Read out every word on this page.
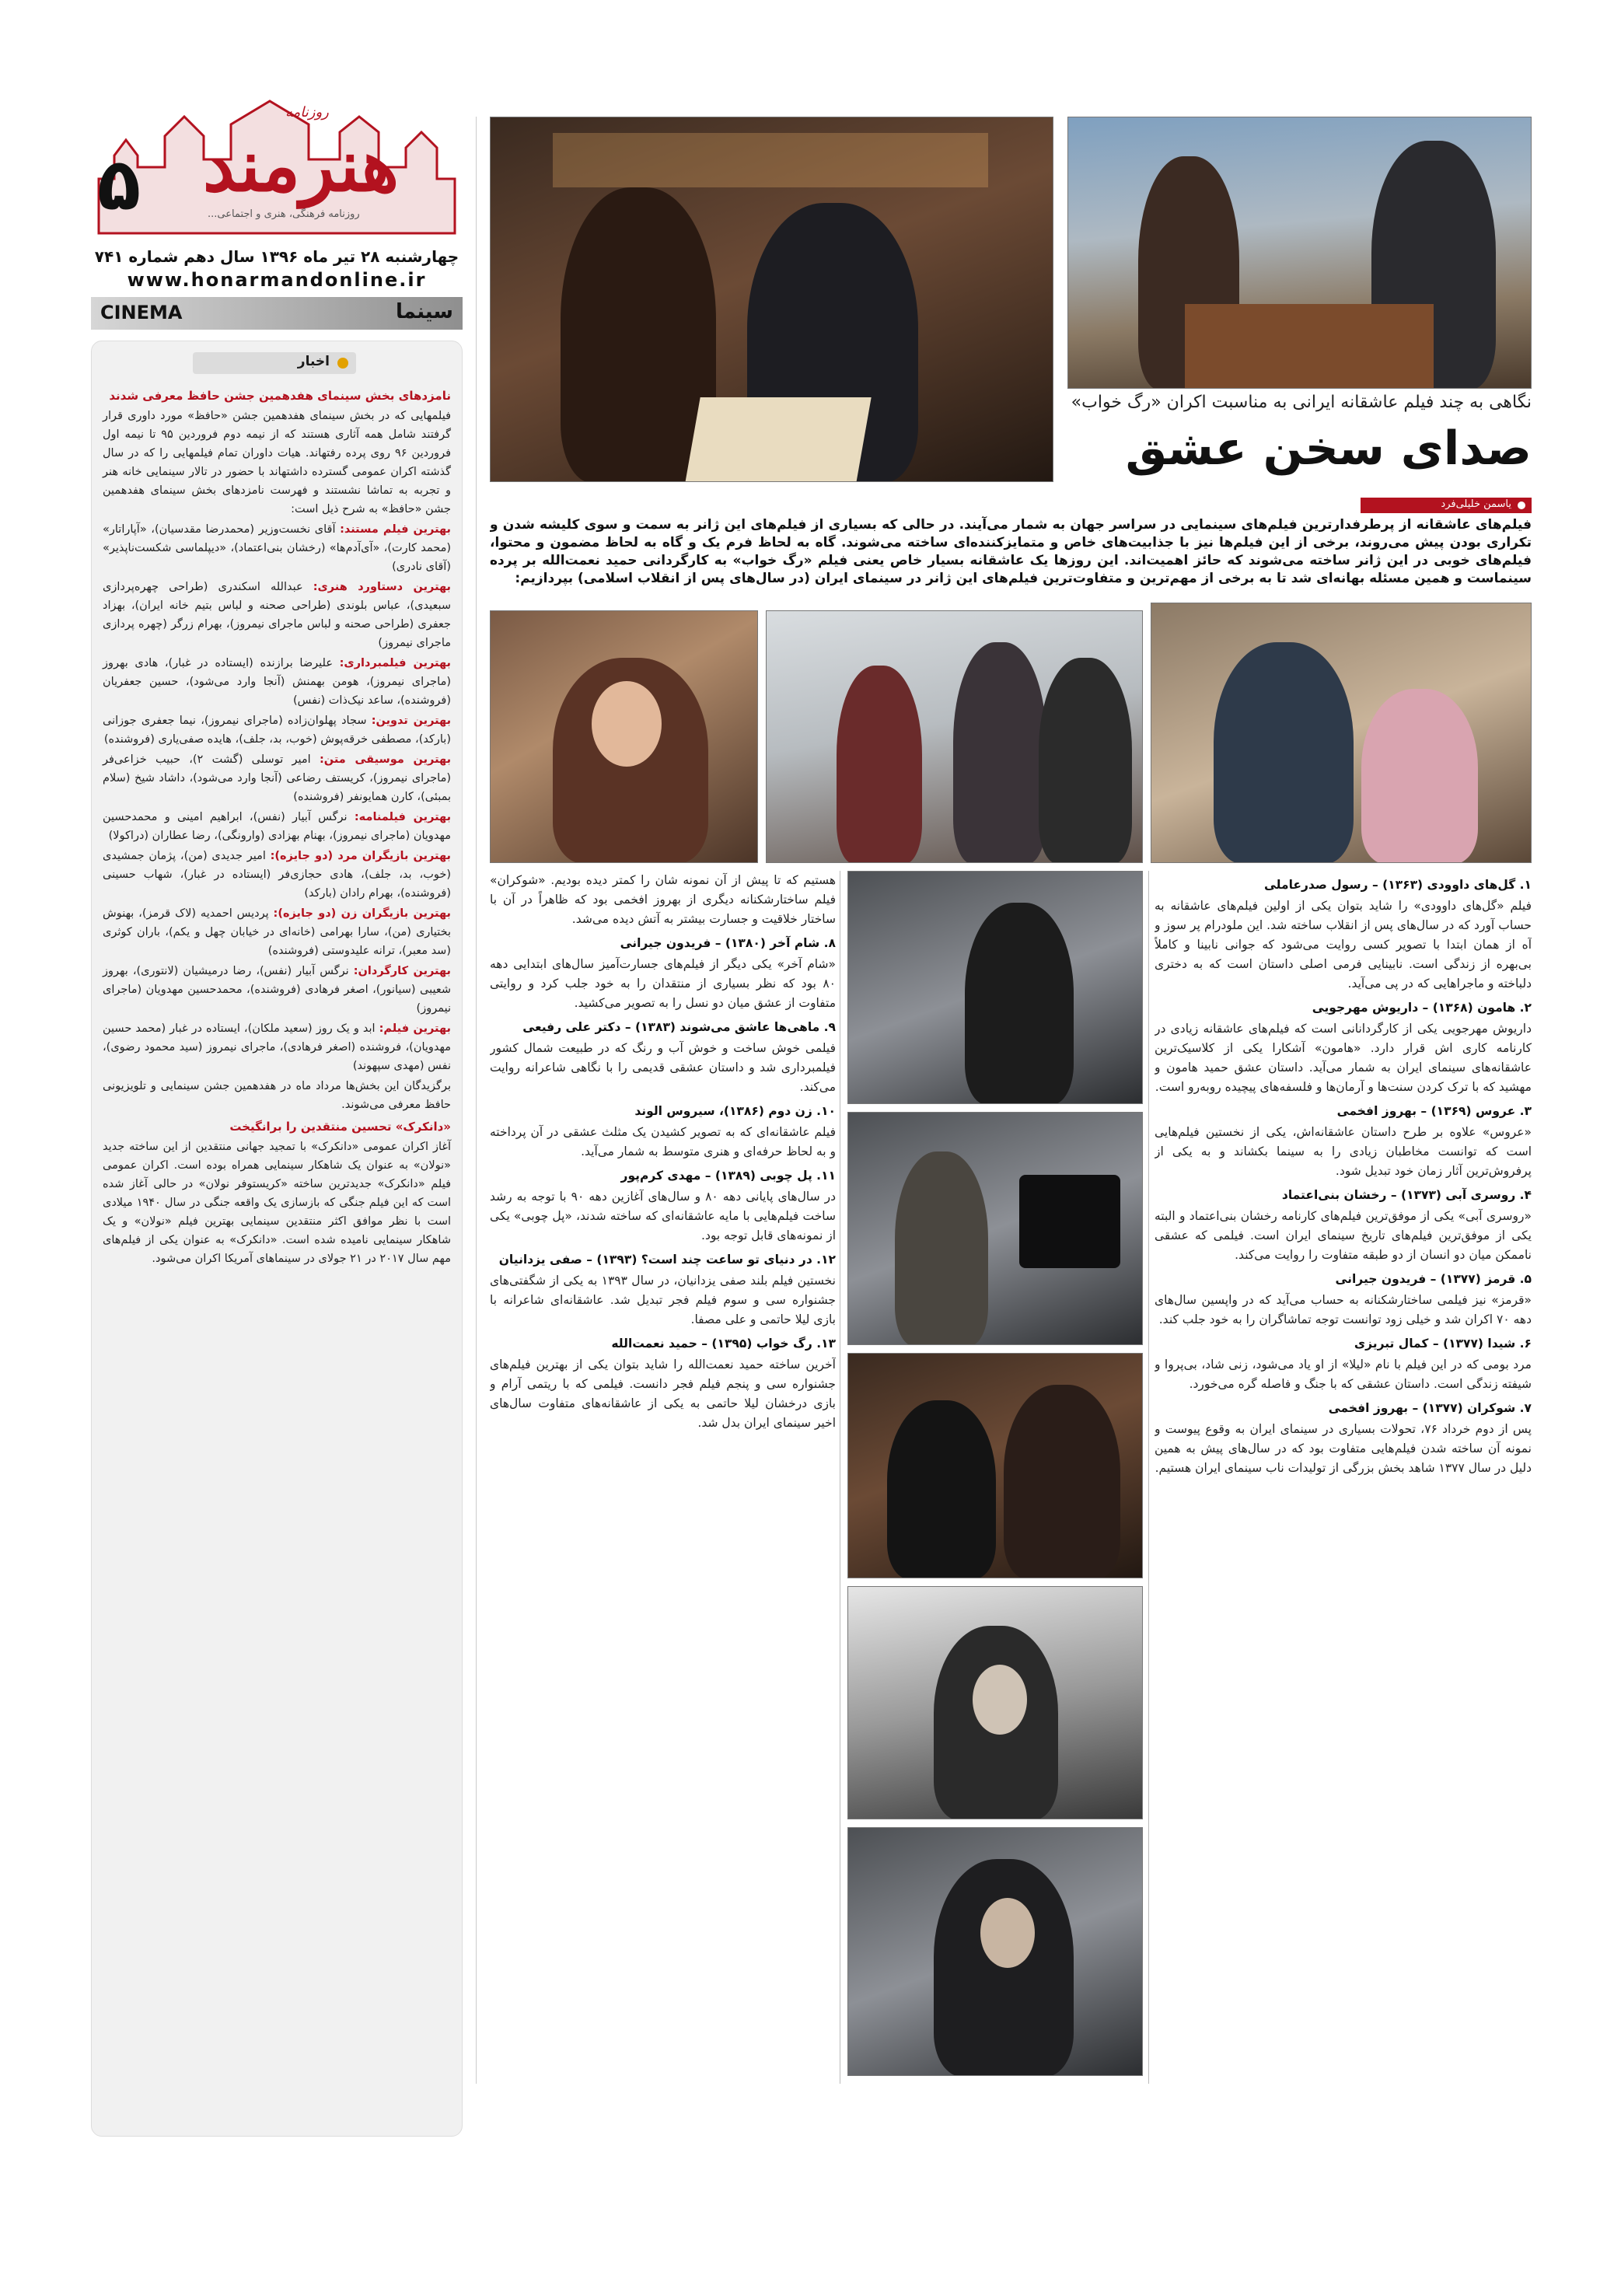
روزنامه
هنرمند
...روزنامه فرهنگی، هنری و اجتماعی
۵
چهارشنبه ۲۸ تیر ماه ۱۳۹۶ سال دهم شماره ۷۴۱
www.honarmandonline.ir
CINEMA	سینما
اخبار
نامزدهای بخش سینمای هفدهمین جشن حافظ معرفی شدند

فیلمهایی که در بخش سینمای هفدهمین جشن «حافظ» مورد داوری قرار گرفتند شامل همه آثاری هستند که از نیمه دوم فروردین ۹۵ تا نیمه اول فروردین ۹۶ روی پرده رفتهاند. هیات داوران تمام فیلمهایی را که در سال گذشته اکران عمومی گسترده داشتهاند با حضور در تالار سینمایی خانه هنر و تجربه به تماشا نشستند و فهرست نامزدهای بخش سینمای هفدهمین جشن «حافظ» به شرح ذیل است:

بهترین فیلم مستند: آقای نخست‌وزیر (محمدرضا مقدسیان)، «آپاراتار» (محمد کارت)، «آی‌آدم‌ها» (رخشان بنی‌اعتماد)، «دیپلماسی شکست‌ناپذیر» (آقای نادری)

بهترین دستاورد هنری: عبدالله اسکندری (طراحی چهره‌پردازی سبعیدی)، عباس بلوندی (طراحی صحنه و لباس بتیم خانه ایران)، بهزاد جعفری (طراحی صحنه و لباس ماجرای نیمروز)، بهرام زرگر (چهره پردازی ماجرای نیمروز)

بهترین فیلمبرداری: علیرضا برازنده (ایستاده در غبار)، هادی بهروز (ماجرای نیمروز)، هومن بهمنش (آنجا وارد می‌شود)، حسین جعفریان (فروشنده)، ساعد نیک‌ذات (نفس)

بهترین تدوین: سجاد پهلوان‌زاده (ماجرای نیمروز)، نیما جعفری جوزانی (بارکد)، مصطفی خرقه‌پوش (خوب، بد، جلف)، هایده صفی‌یاری (فروشنده)

بهترین موسیقی متن: امیر توسلی (گشت ۲)، حبیب خزاعی‌فر (ماجرای نیمروز)، کریستف رضاعی (آنجا وارد می‌شود)، داشاد شیخ (سلام بمبئی)، کارن همایونفر (فروشنده)

بهترین فیلمنامه: نرگس آبیار (نفس)، ابراهیم امینی و محمدحسین مهدویان (ماجرای نیمروز)، بهنام بهزادی (وارونگی)، رضا عطاران (دراکولا)

بهترین بازیگران مرد (دو جایزه): امیر جدیدی (من)، پژمان جمشیدی (خوب، بد، جلف)، هادی حجازی‌فر (ایستاده در غبار)، شهاب حسینی (فروشنده)، بهرام رادان (بارکد)

بهترین بازیگران زن (دو جایزه): پردیس احمدیه (لاک قرمز)، بهنوش بختیاری (من)، سارا بهرامی (خانه‌ای در خیابان چهل و یکم)، باران کوثری (سد معبر)، ترانه علیدوستی (فروشنده)

بهترین کارگردان: نرگس آبیار (نفس)، رضا درمیشیان (لانتوری)، بهروز شعیبی (سیانور)، اصغر فرهادی (فروشنده)، محمدحسین مهدویان (ماجرای نیمروز)

بهترین فیلم: ابد و یک روز (سعید ملکان)، ایستاده در غبار (محمد حسین مهدویان)، فروشنده (اصغر فرهادی)، ماجرای نیمروز (سید محمود رضوی)، نفس (مهدی سپهوند)

برگزیدگان این بخش‌ها مرداد ماه در هفدهمین جشن سینمایی و تلویزیونی حافظ معرفی می‌شوند.

«دانکرک» تحسین منتقدین را برانگیخت

آغاز اکران عمومی «دانکرک» با تمجید جهانی منتقدین از این ساخته جدید «نولان» به عنوان یک شاهکار سینمایی همراه بوده است. اکران عمومی فیلم «دانکرک» جدیدترین ساخته «کریستوفر نولان» در حالی آغاز شده است که این فیلم جنگی که بازسازی یک واقعه جنگی در سال ۱۹۴۰ میلادی است با نظر موافق اکثر منتقدین سینمایی بهترین فیلم «نولان» و یک شاهکار سینمایی نامیده شده است. «دانکرک» به عنوان یکی از فیلم‌های مهم سال ۲۰۱۷ در ۲۱ جولای در سینماهای آمریکا اکران می‌شود.

نگاهی به چند فیلم عاشقانه ایرانی به مناسبت اکران «رگ خواب»
صدای سخن عشق
یاسمن خلیلی‌فرد
فیلم‌های عاشقانه از پرطرفدارترین فیلم‌های سینمایی در سراسر جهان به شمار می‌آیند. در حالی که بسیاری از فیلم‌های این ژانر به سمت و سوی کلیشه شدن و تکراری بودن پیش می‌روند، برخی از این فیلم‌ها نیز با جذابیت‌های خاص و متمایزکننده‌ای ساخته می‌شوند. گاه به لحاظ فرم یک و گاه به لحاظ مضمون و محتوا، فیلم‌های خوبی در این ژانر ساخته می‌شوند که حائز اهمیت‌اند. این روزها یک عاشقانه بسیار خاص یعنی فیلم «رگ خواب» به کارگردانی حمید نعمت‌الله بر پرده سینماست و همین مسئله بهانه‌ای شد تا به برخی از مهم‌ترین و متفاوت‌ترین فیلم‌های این ژانر در سینمای ایران (در سال‌های پس از انقلاب اسلامی) بپردازیم:
۱. گل‌های داوودی (۱۳۶۳) – رسول صدرعاملی

فیلم «گل‌های داوودی» را شاید بتوان یکی از اولین فیلم‌های عاشقانه به حساب آورد که در سال‌های پس از انقلاب ساخته شد. این ملودرام پر سوز و آه از همان ابتدا با تصویر کسی روایت می‌شود که جوانی نابینا و کاملاً بی‌بهره از زندگی است. نابینایی فرمی اصلی داستان است که به دختری دلباخته و ماجراهایی که در پی می‌آید.

۲. هامون (۱۳۶۸) – داریوش مهرجویی

داریوش مهرجویی یکی از کارگردانانی است که فیلم‌های عاشقانه زیادی در کارنامه کاری اش قرار دارد. «هامون» آشکارا یکی از کلاسیک‌ترین عاشقانه‌های سینمای ایران به شمار می‌آید. داستان عشق حمید هامون و مهشید که با ترک کردن سنت‌ها و آرمان‌ها و فلسفه‌های پیچیده روبه‌رو است.

۳. عروس (۱۳۶۹) – بهروز افخمی

«عروس» علاوه بر طرح داستان عاشقانه‌اش، یکی از نخستین فیلم‌هایی است که توانست مخاطبان زیادی را به سینما بکشاند و به یکی از پرفروش‌ترین آثار زمان خود تبدیل شود.

۴. روسری آبی (۱۳۷۳) – رخشان بنی‌اعتماد

«روسری آبی» یکی از موفق‌ترین فیلم‌های کارنامه رخشان بنی‌اعتماد و البته یکی از موفق‌ترین فیلم‌های تاریخ سینمای ایران است. فیلمی که عشقی ناممکن میان دو انسان از دو طبقه متفاوت را روایت می‌کند.

۵. قرمز (۱۳۷۷) – فریدون جیرانی

«قرمز» نیز فیلمی ساختارشکنانه به حساب می‌آید که در واپسین سال‌های دهه ۷۰ اکران شد و خیلی زود توانست توجه تماشاگران را به خود جلب کند.

۶. شیدا (۱۳۷۷) – کمال تبریزی

مرد بومی که در این فیلم با نام «لیلا» از او یاد می‌شود، زنی شاد، بی‌پروا و شیفته زندگی است. داستان عشقی که با جنگ و فاصله گره می‌خورد.

۷. شوکران (۱۳۷۷) – بهروز افخمی

پس از دوم خرداد ۷۶، تحولات بسیاری در سینمای ایران به وقوع پیوست و نمونه آن ساخته شدن فیلم‌هایی متفاوت بود که در سال‌های پیش به همین دلیل در سال ۱۳۷۷ شاهد بخش بزرگی از تولیدات ناب سینمای ایران هستیم.

هستیم که تا پیش از آن نمونه شان را کمتر دیده بودیم. «شوکران» فیلم ساختارشکنانه دیگری از بهروز افخمی بود که ظاهراً در آن با ساختار خلاقیت و جسارت بیشتر به آتش دیده می‌شد.

۸. شام آخر (۱۳۸۰) – فریدون جیرانی

«شام آخر» یکی دیگر از فیلم‌های جسارت‌آمیز سال‌های ابتدایی دهه ۸۰ بود که نظر بسیاری از منتقدان را به خود جلب کرد و روایتی متفاوت از عشق میان دو نسل را به تصویر می‌کشید.

۹. ماهی‌ها عاشق می‌شوند (۱۳۸۳) – دکتر علی رفیعی

فیلمی خوش ساخت و خوش آب و رنگ که در طبیعت شمال کشور فیلمبرداری شد و داستان عشقی قدیمی را با نگاهی شاعرانه روایت می‌کند.

۱۰. زن دوم (۱۳۸۶)، سیروس الوند

فیلم عاشقانه‌ای که به تصویر کشیدن یک مثلث عشقی در آن پرداخته و به لحاظ حرفه‌ای و هنری متوسط به شمار می‌آید.

۱۱. پل چوبی (۱۳۸۹) – مهدی کرم‌پور

در سال‌های پایانی دهه ۸۰ و سال‌های آغازین دهه ۹۰ با توجه به رشد ساخت فیلم‌هایی با مایه عاشقانه‌ای که ساخته شدند، «پل چوبی» یکی از نمونه‌های قابل توجه بود.

۱۲. در دنیای تو ساعت چند است؟ (۱۳۹۳) – صفی یزدانیان

نخستین فیلم بلند صفی یزدانیان، در سال ۱۳۹۳ به یکی از شگفتی‌های جشنواره سی و سوم فیلم فجر تبدیل شد. عاشقانه‌ای شاعرانه با بازی لیلا حاتمی و علی مصفا.

۱۳. رگ خواب (۱۳۹۵) – حمید نعمت‌الله

آخرین ساخته حمید نعمت‌الله را شاید بتوان یکی از بهترین فیلم‌های جشنواره سی و پنجم فیلم فجر دانست. فیلمی که با ریتمی آرام و بازی درخشان لیلا حاتمی به یکی از عاشقانه‌های متفاوت سال‌های اخیر سینمای ایران بدل شد.
